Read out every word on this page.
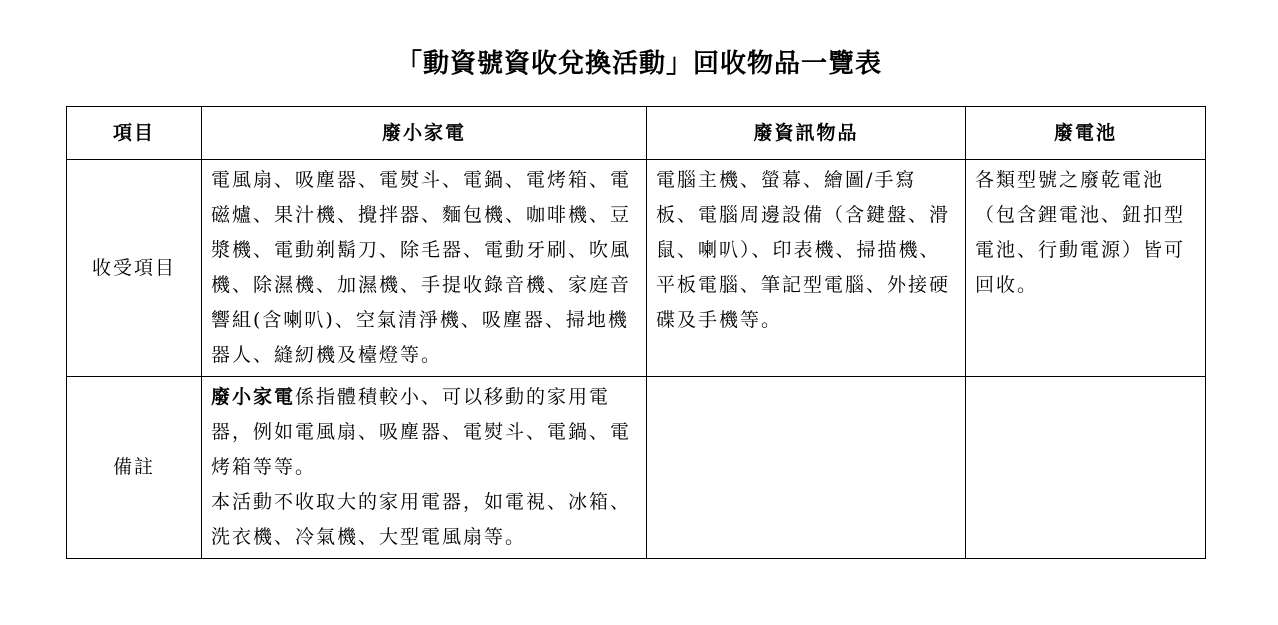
「動資號資收兌換活動」回收物品一覽表
項目	廢小家電	廢資訊物品	廢電池
收受項目	電風扇、吸塵器、電熨斗、電鍋、電烤箱、電磁爐、果汁機、攪拌器、麵包機、咖啡機、豆漿機、電動剃鬍刀、除毛器、電動牙刷、吹風機、除濕機、加濕機、手提收錄音機、家庭音響組(含喇叭)、空氣清淨機、吸塵器、掃地機器人、縫紉機及檯燈等。	電腦主機、螢幕、繪圖/手寫板、電腦周邊設備（含鍵盤、滑鼠、喇叭）、印表機、掃描機、平板電腦、筆記型電腦、外接硬碟及手機等。	各類型號之廢乾電池（包含鋰電池、鈕扣型電池、行動電源）皆可回收。
備註	廢小家電係指體積較小、可以移動的家用電器，例如電風扇、吸塵器、電熨斗、電鍋、電烤箱等等。
本活動不收取大的家用電器，如電視、冰箱、洗衣機、冷氣機、大型電風扇等。		
